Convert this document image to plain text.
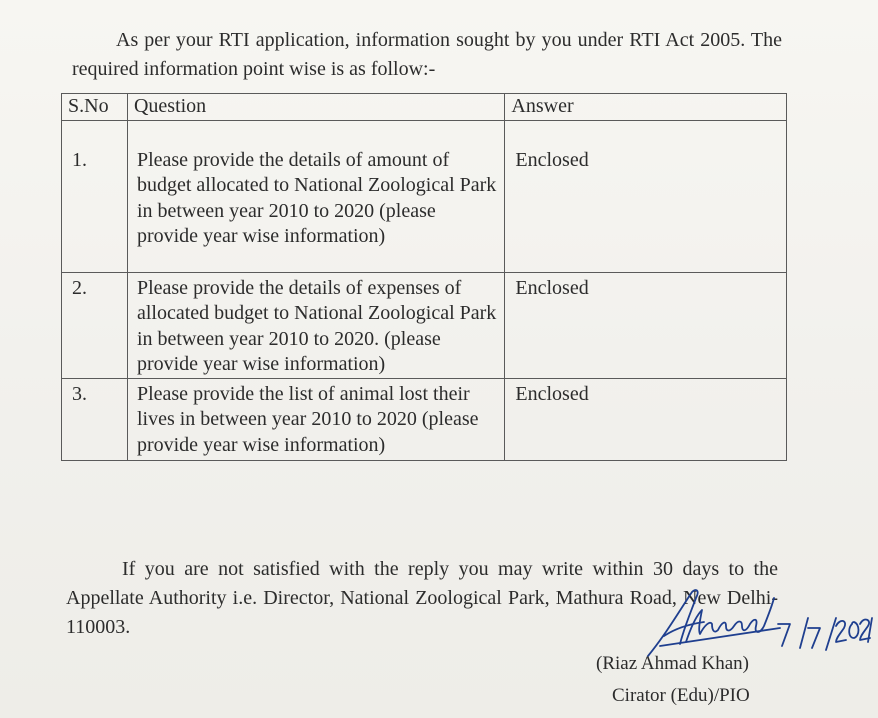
As per your RTI application, information sought by you under RTI Act 2005. The required information point wise is as follow:-

S.No	Question	Answer
1.	Please provide the details of amount of budget allocated to National Zoological Park in between year 2010 to 2020 (please provide year wise information)	Enclosed
2.	Please provide the details of expenses of allocated budget to National Zoological Park in between year 2010 to 2020. (please provide year wise information)	Enclosed
3.	Please provide the list of animal lost their lives in between year 2010 to 2020 (please provide year wise information)	Enclosed

If you are not satisfied with the reply you may write within 30 days to the Appellate Authority i.e. Director, National Zoological Park, Mathura Road, New Delhi- 110003.

(Riaz Ahmad Khan)
Cirator (Edu)/PIO
